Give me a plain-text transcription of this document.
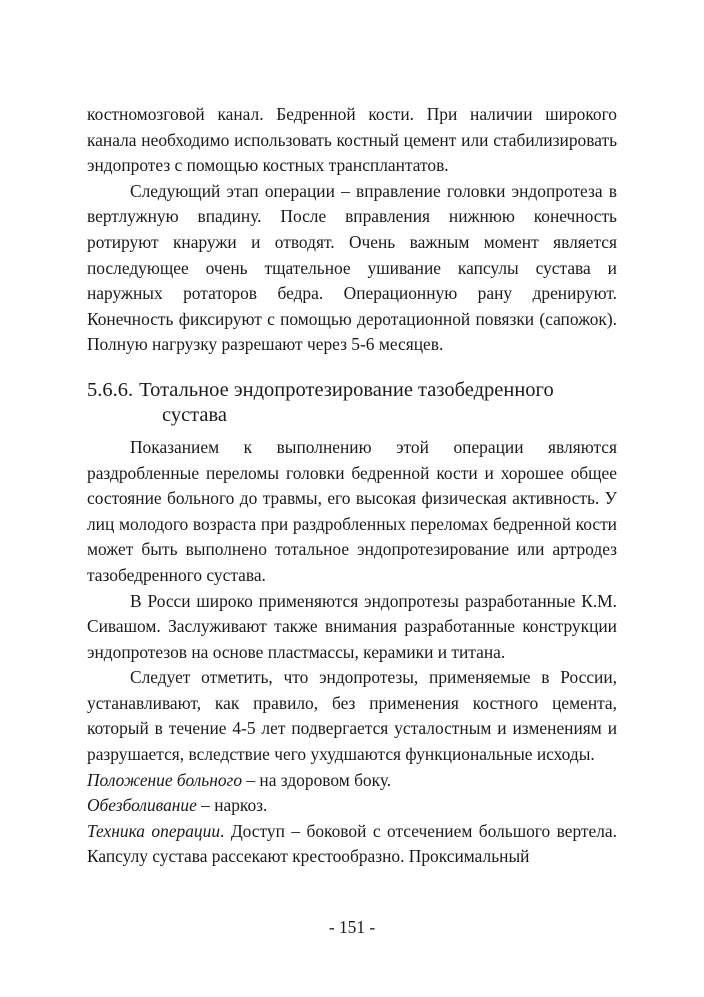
костномозговой канал. Бедренной кости. При наличии широкого канала необходимо использовать костный цемент или стабилизировать эндопротез с помощью костных трансплантатов.

Следующий этап операции – вправление головки эндопротеза в вертлужную впадину. После вправления нижнюю конечность ротируют кнаружи и отводят. Очень важным момент является последующее очень тщательное ушивание капсулы сустава и наружных ротаторов бедра. Операционную рану дренируют. Конечность фиксируют с помощью деротационной повязки (сапожок). Полную нагрузку разрешают через 5-6 месяцев.

5.6.6. Тотальное эндопротезирование тазобедренного сустава

Показанием к выполнению этой операции являются раздробленные переломы головки бедренной кости и хорошее общее состояние больного до травмы, его высокая физическая активность. У лиц молодого возраста при раздробленных переломах бедренной кости может быть выполнено тотальное эндопротезирование или артродез тазобедренного сустава.

В Росси широко применяются эндопротезы разработанные К.М. Сивашом. Заслуживают также внимания разработанные конструкции эндопротезов на основе пластмассы, керамики и титана.

Следует отметить, что эндопротезы, применяемые в России, устанавливают, как правило, без применения костного цемента, который в течение 4-5 лет подвергается усталостным и изменениям и разрушается, вследствие чего ухудшаются функциональные исходы.

Положение больного – на здоровом боку.

Обезболивание – наркоз.

Техника операции. Доступ – боковой с отсечением большого вертела. Капсулу сустава рассекают крестообразно. Проксимальный

- 151 -
